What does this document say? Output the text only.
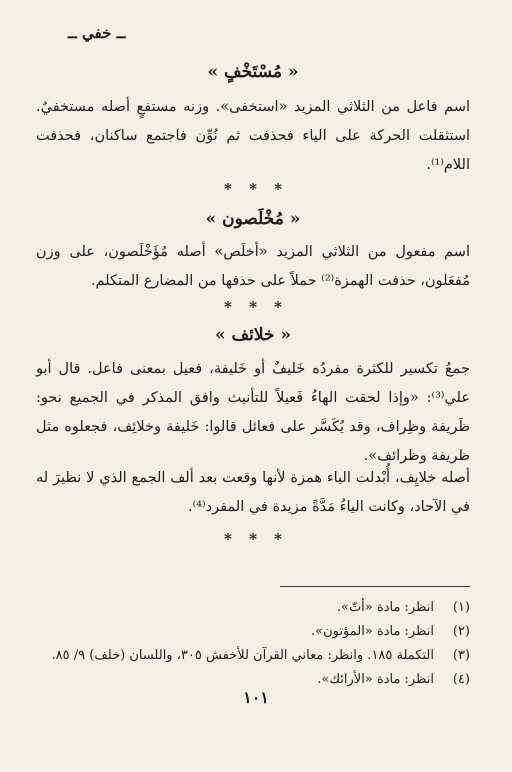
ــ خفي ــ
« مُسْتَخْفٍ »
اسم فاعل من الثلاثي المزيد «استخفى». وزنه مستفعٍ أصله مستخفيٌ. استثقلت الحركة على الياء فحذفت ثم نُوِّن فاجتمع ساكنان، فحذفت اللام⁽¹⁾.
* * *
« مُخْلَصون »
اسم مفعول من الثلاثي المزيد «أخلَص» أصله مُؤَخْلَصون، على وزن مُفعَلون، حذفت الهمزة⁽²⁾ حملاً على حذفها من المضارع المتكلم.
* * *
« خلائف »
جمعُ تكسير للكثرة مفردُه خَليفٌ أو خَليفة، فعيل بمعنى فاعل. قال أبو علي⁽³⁾: «وإذا لحقت الهاءُ فَعيلاً للتأنيث وافق المذكر في الجميع نحو: ظَريفة وظِراف، وقد يُكَسَّر على فعائل قالوا: خَليفة وخلائِف، فجعلوه مثل ظريفة وظرائف».
أصله خلايِف، أُبْدلت الياء همزة لأنها وقعت بعد ألف الجمع الذي لا نظيرَ له في الآحاد، وكانت الياءُ مَدَّةً مزيدة في المفرد⁽⁴⁾.
* * *
(١)
انظر: مادة «أتّ».
(٢)
انظر: مادة «المؤتون».
(٣)
التكملة ١٨٥. وانظر: معاني القرآن للأخفش ٣٠٥، واللسان (خلف) ٩/ ٨٥.
(٤)
انظر: مادة «الأرائك».
١٠١
